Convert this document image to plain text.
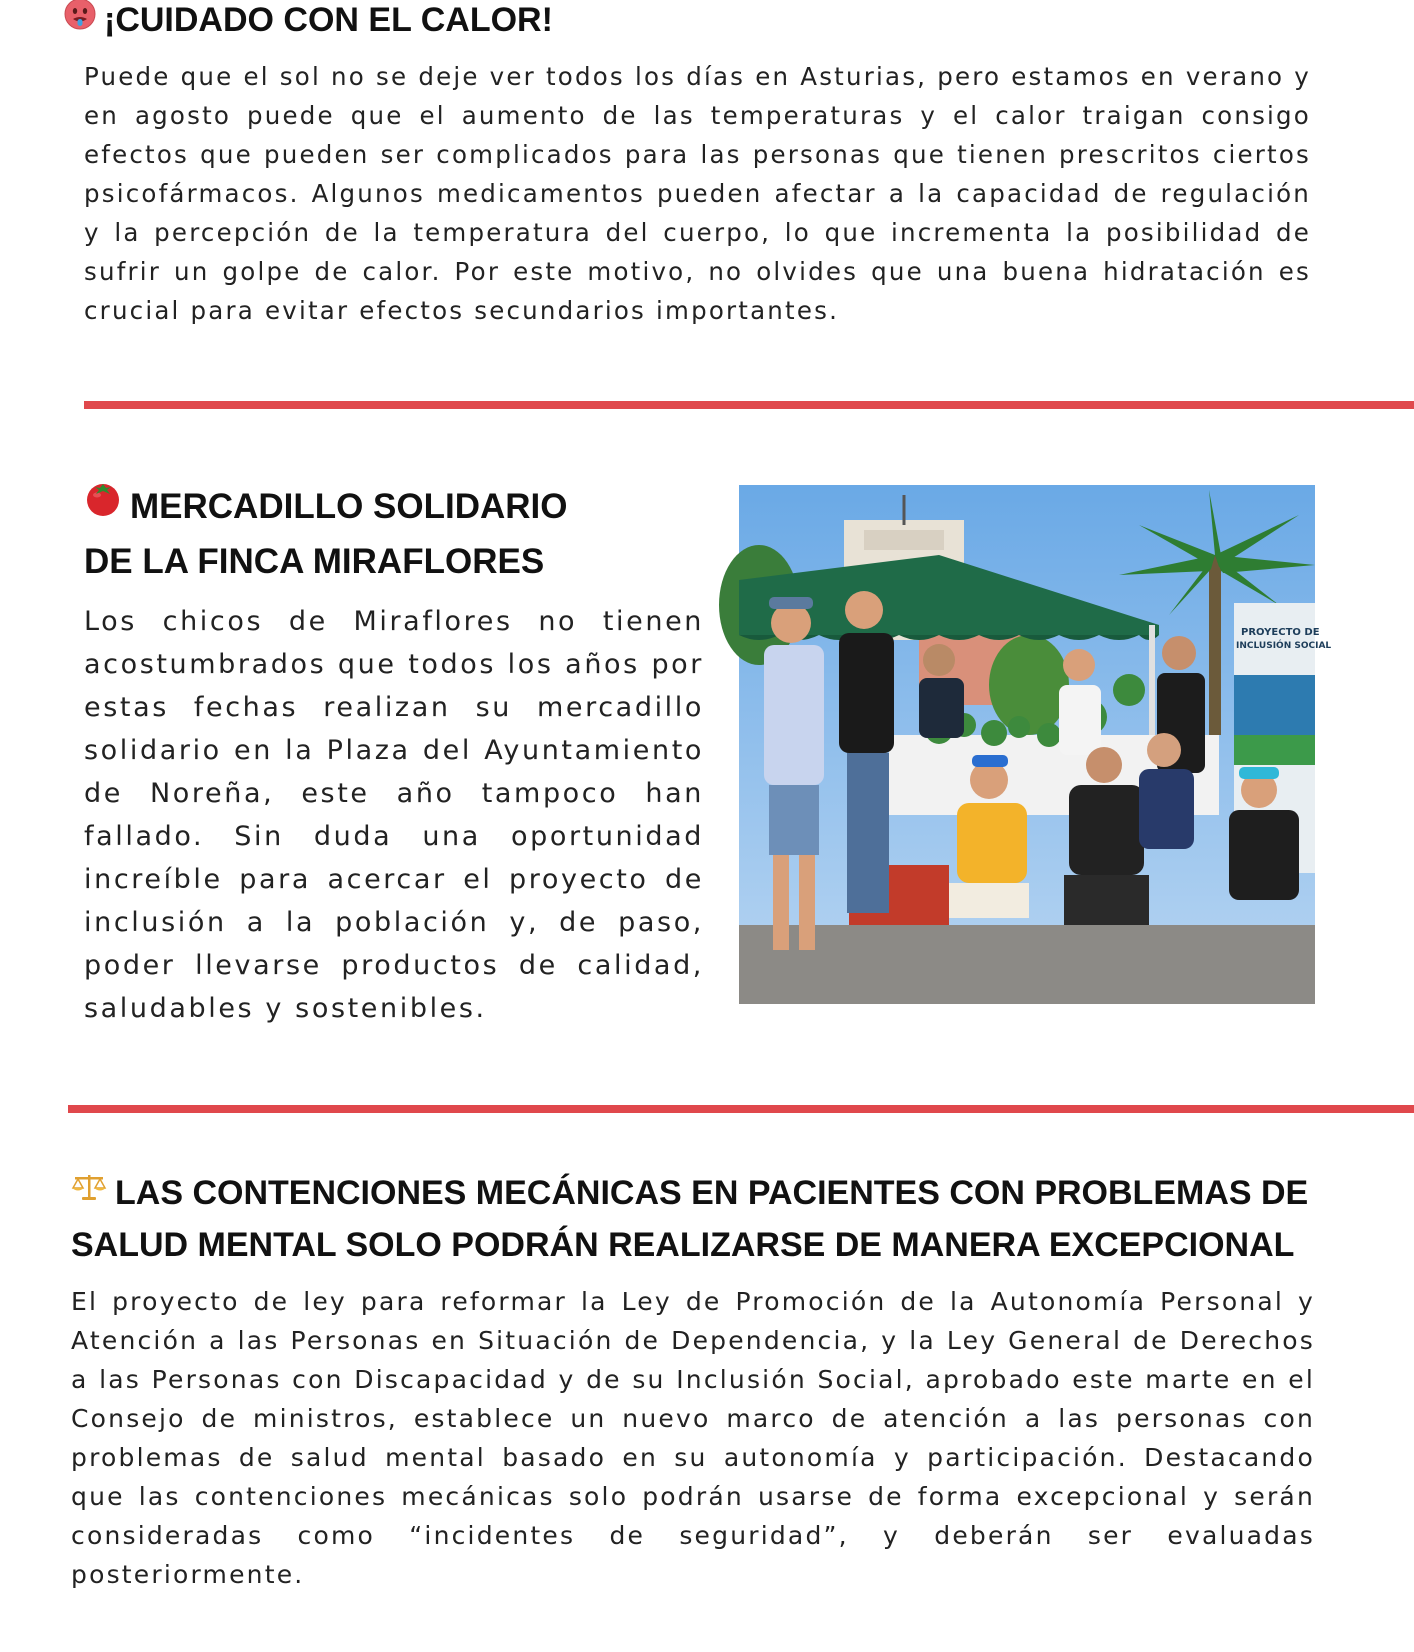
¡CUIDADO CON EL CALOR!

Puede que el sol no se deje ver todos los días en Asturias, pero estamos en verano y en agosto puede que el aumento de las temperaturas y el calor traigan consigo efectos que pueden ser complicados para las personas que tienen prescritos ciertos psicofármacos. Algunos medicamentos pueden afectar a la capacidad de regulación y la percepción de la temperatura del cuerpo, lo que incrementa la posibilidad de sufrir un golpe de calor. Por este motivo, no olvides que una buena hidratación es crucial para evitar efectos secundarios importantes.

MERCADILLO SOLIDARIO
DE LA FINCA MIRAFLORES

Los chicos de Miraflores no tienen acostumbrados que todos los años por estas fechas realizan su mercadillo solidario en la Plaza del Ayuntamiento de Noreña, este año tampoco han fallado. Sin duda una oportunidad increíble para acercar el proyecto de inclusión a la población y, de paso, poder llevarse productos de calidad, saludables y sostenibles.

PROYECTO DE
INCLUSIÓN SOCIAL
LAS CONTENCIONES MECÁNICAS EN PACIENTES CON PROBLEMAS DE SALUD MENTAL SOLO PODRÁN REALIZARSE DE MANERA EXCEPCIONAL

El proyecto de ley para reformar la Ley de Promoción de la Autonomía Personal y Atención a las Personas en Situación de Dependencia, y la Ley General de Derechos a las Personas con Discapacidad y de su Inclusión Social, aprobado este marte en el Consejo de ministros, establece un nuevo marco de atención a las personas con problemas de salud mental basado en su autonomía y participación. Destacando que las contenciones mecánicas solo podrán usarse de forma excepcional y serán consideradas como “incidentes de seguridad”, y deberán ser evaluadas posteriormente.
